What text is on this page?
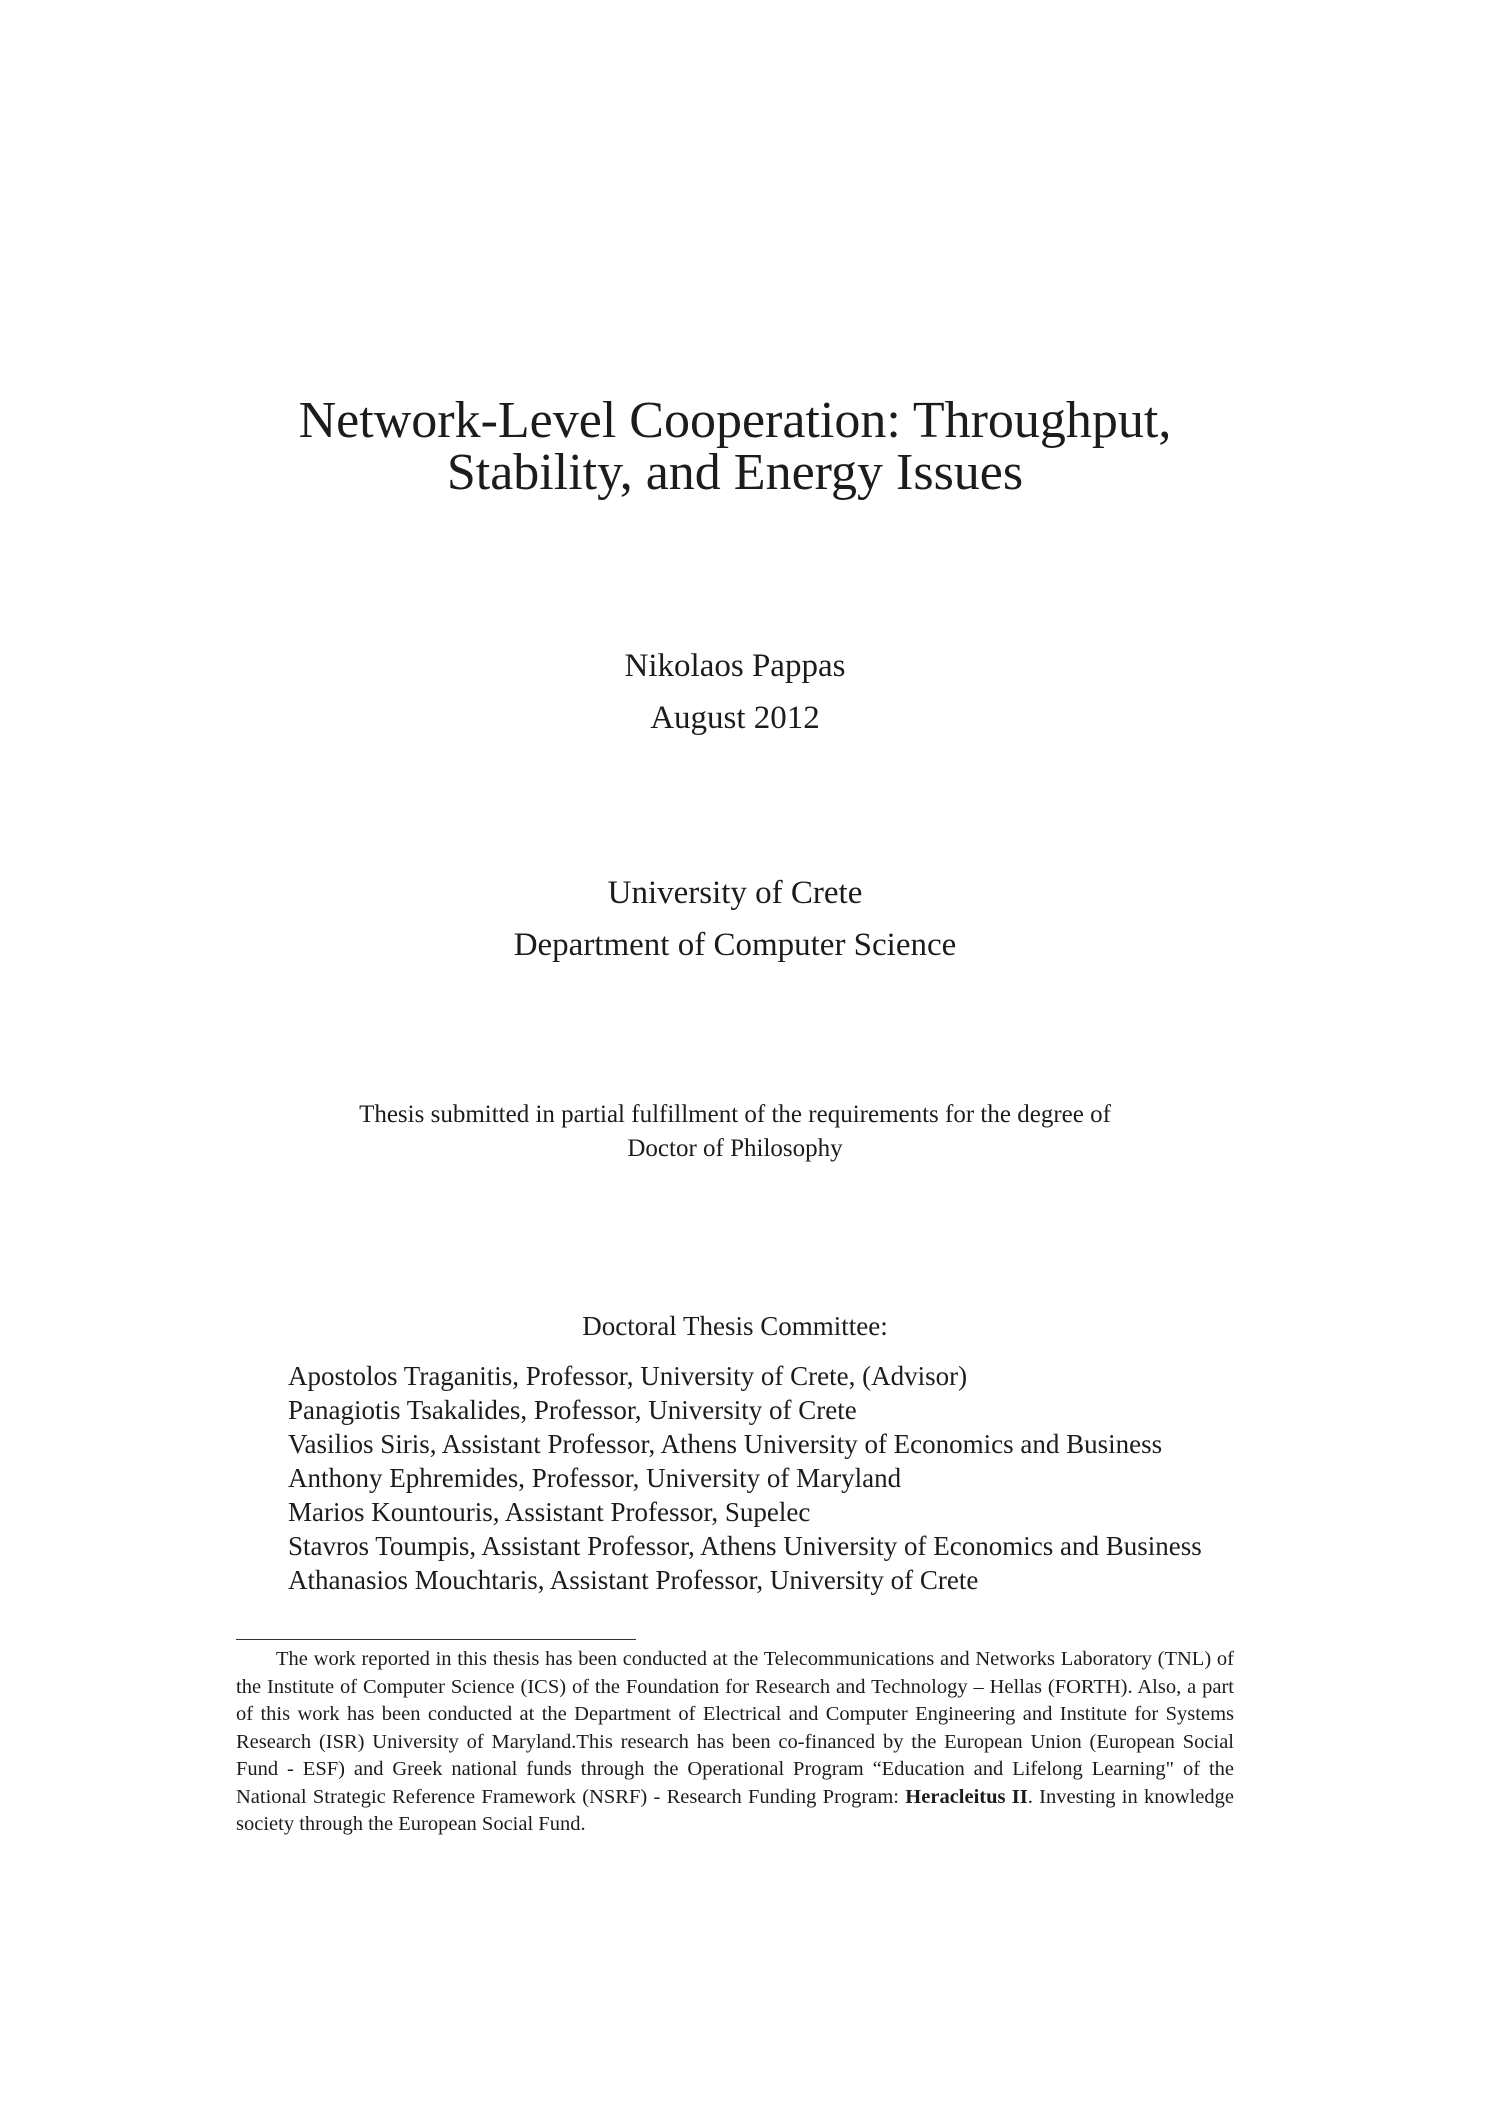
Network-Level Cooperation: Throughput,
Stability, and Energy Issues
Nikolaos Pappas
August 2012
University of Crete
Department of Computer Science
Thesis submitted in partial fulfillment of the requirements for the degree of
Doctor of Philosophy
Doctoral Thesis Committee:
Apostolos Traganitis, Professor, University of Crete, (Advisor)
Panagiotis Tsakalides, Professor, University of Crete
Vasilios Siris, Assistant Professor, Athens University of Economics and Business
Anthony Ephremides, Professor, University of Maryland
Marios Kountouris, Assistant Professor, Supelec
Stavros Toumpis, Assistant Professor, Athens University of Economics and Business
Athanasios Mouchtaris, Assistant Professor, University of Crete

The work reported in this thesis has been conducted at the Telecommunications and Networks Laboratory (TNL) of the Institute of Computer Science (ICS) of the Foundation for Research and Technology – Hellas (FORTH). Also, a part of this work has been conducted at the Department of Electrical and Computer Engineering and Institute for Systems Research (ISR) University of Maryland.This research has been co-financed by the European Union (European Social Fund - ESF) and Greek national funds through the Operational Program “Education and Lifelong Learning" of the National Strategic Reference Framework (NSRF) - Research Funding Program: Heracleitus II. Investing in knowledge society through the European Social Fund.
